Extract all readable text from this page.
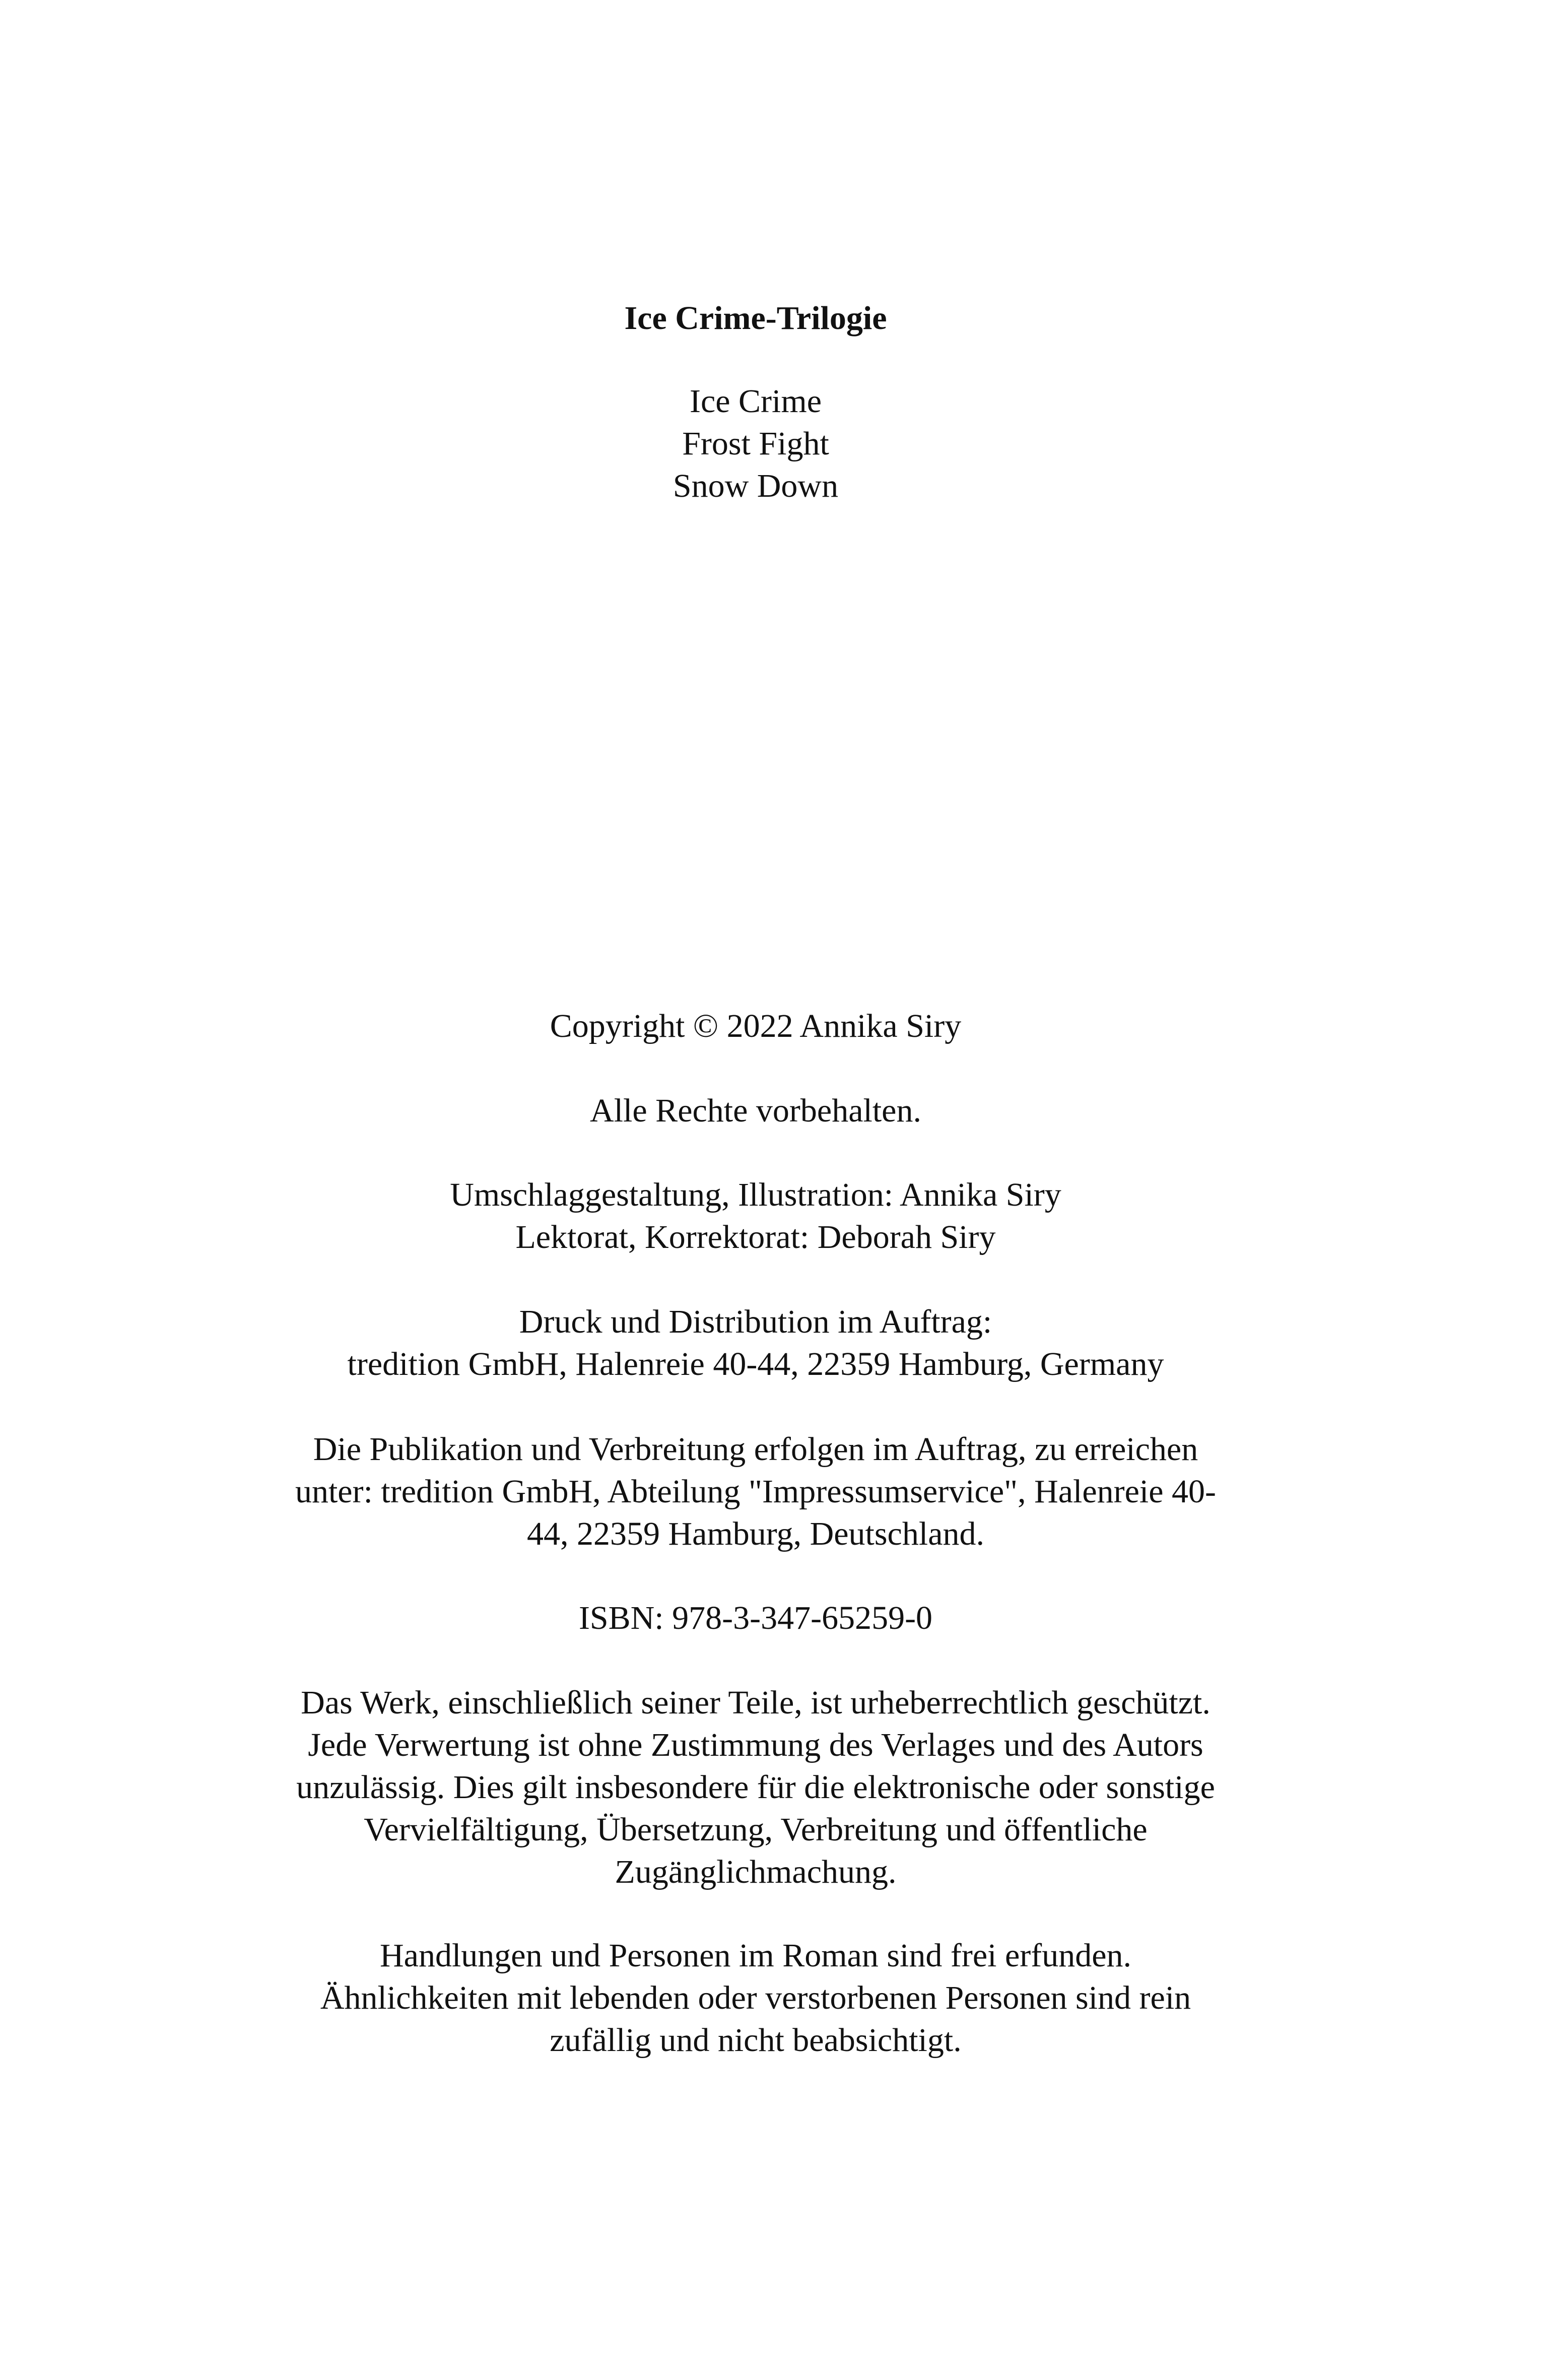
Ice Crime-Trilogie

Ice Crime

Frost Fight

Snow Down

Copyright © 2022 Annika Siry

Alle Rechte vorbehalten.

Umschlaggestaltung, Illustration: Annika Siry

Lektorat, Korrektorat: Deborah Siry

Druck und Distribution im Auftrag:

tredition GmbH, Halenreie 40-44, 22359 Hamburg, Germany

Die Publikation und Verbreitung erfolgen im Auftrag, zu erreichen

unter: tredition GmbH, Abteilung "Impressumservice", Halenreie 40-

44, 22359 Hamburg, Deutschland.

ISBN: 978-3-347-65259-0

Das Werk, einschließlich seiner Teile, ist urheberrechtlich geschützt.

Jede Verwertung ist ohne Zustimmung des Verlages und des Autors

unzulässig. Dies gilt insbesondere für die elektronische oder sonstige

Vervielfältigung, Übersetzung, Verbreitung und öffentliche

Zugänglichmachung.

Handlungen und Personen im Roman sind frei erfunden.

Ähnlichkeiten mit lebenden oder verstorbenen Personen sind rein

zufällig und nicht beabsichtigt.
